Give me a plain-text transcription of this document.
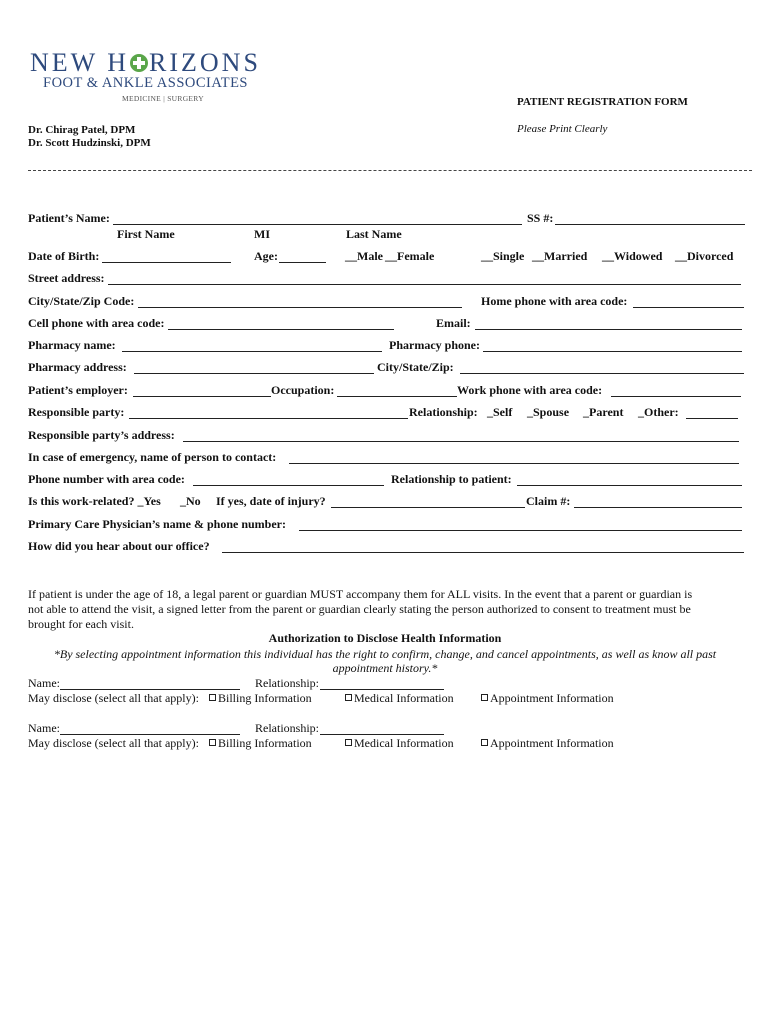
NEW H RIZONS
FOOT & ANKLE ASSOCIATES
MEDICINE | SURGERY	PATIENT REGISTRATION FORM
Please Print Clearly
Dr. Chirag Patel, DPM
Dr. Scott Hudzinski, DPM
Patient’s Name:	SS #:
First Name	MI	Last Name
Date of Birth:	Age:	__Male __Female	__Single __Married __Widowed __Divorced
Street address:
City/State/Zip Code:	Home phone with area code:
Cell phone with area code:	Email:
Pharmacy name:	Pharmacy phone:
Pharmacy address:	City/State/Zip:
Patient’s employer:	Occupation:	Work phone with area code:
Responsible party:	Relationship: _Self _Spouse _Parent _Other:
Responsible party’s address:
In case of emergency, name of person to contact:
Phone number with area code:	Relationship to patient:
Is this work-related? _Yes _No If yes, date of injury?	Claim #:
Primary Care Physician’s name & phone number:
How did you hear about our office?
If patient is under the age of 18, a legal parent or guardian MUST accompany them for ALL visits. In the event that a parent or guardian is
not able to attend the visit, a signed letter from the parent or guardian clearly stating the person authorized to consent to treatment must be
brought for each visit.
Authorization to Disclose Health Information
*By selecting appointment information this individual has the right to confirm, change, and cancel appointments, as well as know all past
appointment history.*
Name:	Relationship:
May disclose (select all that apply):	Billing Information	Medical Information	Appointment Information
Name:	Relationship:
May disclose (select all that apply):	Billing Information	Medical Information	Appointment Information
